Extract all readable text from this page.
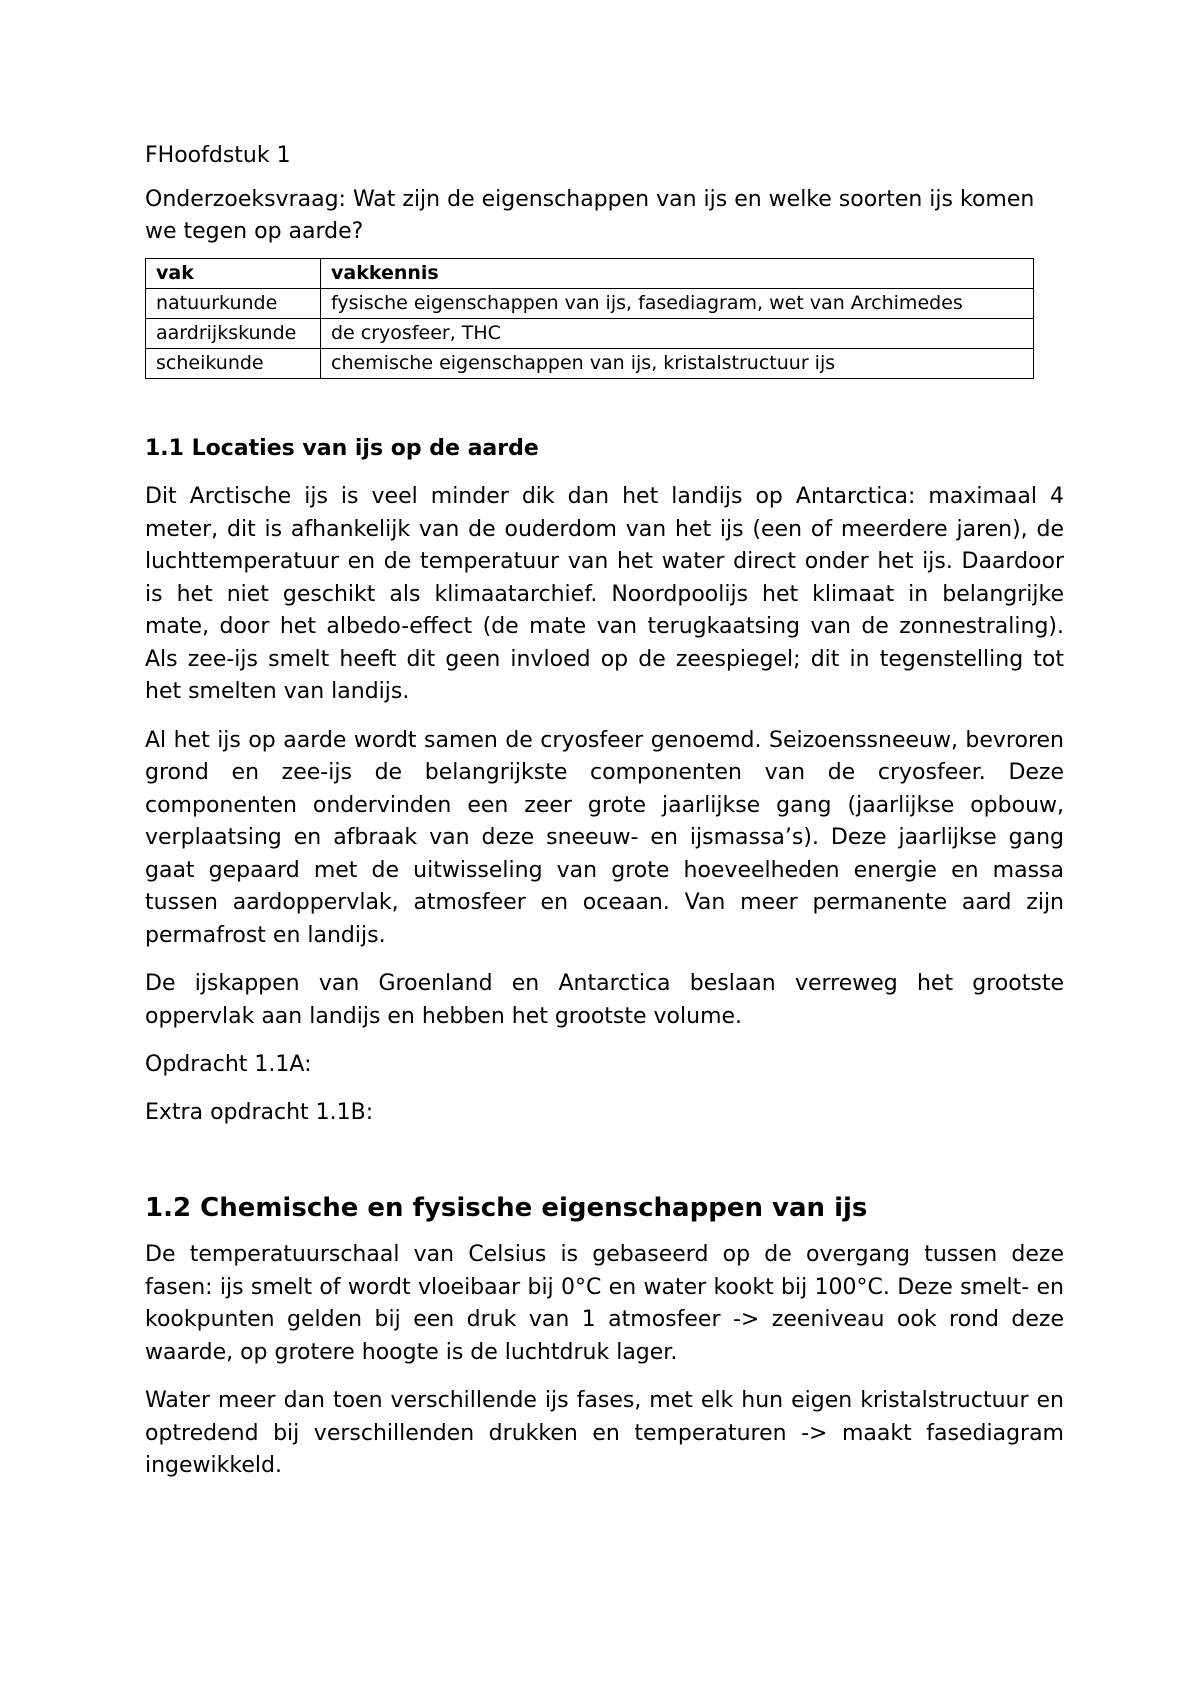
FHoofdstuk 1
Onderzoeksvraag: Wat zijn de eigenschappen van ijs en welke soorten ijs komen we tegen op aarde?
vak	vakkennis
natuurkunde	fysische eigenschappen van ijs, fasediagram, wet van Archimedes
aardrijkskunde	de cryosfeer, THC
scheikunde	chemische eigenschappen van ijs, kristalstructuur ijs
1.1 Locaties van ijs op de aarde

Dit Arctische ijs is veel minder dik dan het landijs op Antarctica: maximaal 4 meter, dit is afhankelijk van de ouderdom van het ijs (een of meerdere jaren), de luchttemperatuur en de temperatuur van het water direct onder het ijs. Daardoor is het niet geschikt als klimaatarchief. Noordpoolijs het klimaat in belangrijke mate, door het albedo-effect (de mate van terugkaatsing van de zonnestraling). Als zee-ijs smelt heeft dit geen invloed op de zeespiegel; dit in tegenstelling tot het smelten van landijs.

Al het ijs op aarde wordt samen de cryosfeer genoemd. Seizoenssneeuw, bevroren grond en zee-ijs de belangrijkste componenten van de cryosfeer. Deze componenten ondervinden een zeer grote jaarlijkse gang (jaarlijkse opbouw, verplaatsing en afbraak van deze sneeuw- en ijsmassa’s). Deze jaarlijkse gang gaat gepaard met de uitwisseling van grote hoeveelheden energie en massa tussen aardoppervlak, atmosfeer en oceaan. Van meer permanente aard zijn permafrost en landijs.

De ijskappen van Groenland en Antarctica beslaan verreweg het grootste oppervlak aan landijs en hebben het grootste volume.

Opdracht 1.1A:

Extra opdracht 1.1B:

1.2 Chemische en fysische eigenschappen van ijs

De temperatuurschaal van Celsius is gebaseerd op de overgang tussen deze fasen: ijs smelt of wordt vloeibaar bij 0°C en water kookt bij 100°C. Deze smelt- en kookpunten gelden bij een druk van 1 atmosfeer -> zeeniveau ook rond deze waarde, op grotere hoogte is de luchtdruk lager.

Water meer dan toen verschillende ijs fases, met elk hun eigen kristalstructuur en optredend bij verschillenden drukken en temperaturen -> maakt fasediagram ingewikkeld.
